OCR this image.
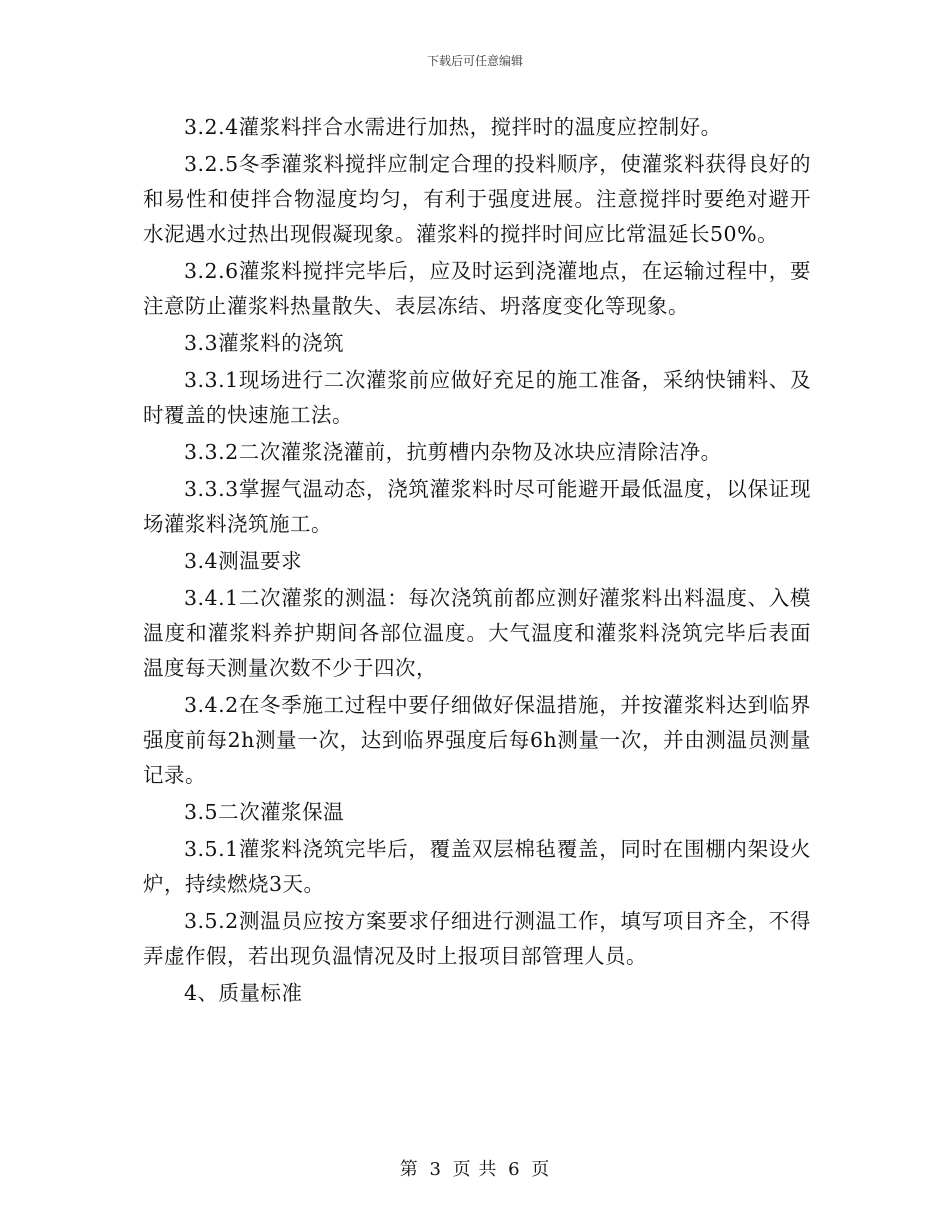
下载后可任意编辑

3.2.4灌浆料拌合水需进行加热，搅拌时的温度应控制好。

3.2.5冬季灌浆料搅拌应制定合理的投料顺序，使灌浆料获得良好的和易性和使拌合物湿度均匀，有利于强度进展。注意搅拌时要绝对避开水泥遇水过热出现假凝现象。灌浆料的搅拌时间应比常温延长50%。

3.2.6灌浆料搅拌完毕后，应及时运到浇灌地点，在运输过程中，要注意防止灌浆料热量散失、表层冻结、坍落度变化等现象。

3.3灌浆料的浇筑

3.3.1现场进行二次灌浆前应做好充足的施工准备，采纳快铺料、及时覆盖的快速施工法。

3.3.2二次灌浆浇灌前，抗剪槽内杂物及冰块应清除洁净。

3.3.3掌握气温动态，浇筑灌浆料时尽可能避开最低温度，以保证现场灌浆料浇筑施工。

3.4测温要求

3.4.1二次灌浆的测温：每次浇筑前都应测好灌浆料出料温度、入模温度和灌浆料养护期间各部位温度。大气温度和灌浆料浇筑完毕后表面温度每天测量次数不少于四次，

3.4.2在冬季施工过程中要仔细做好保温措施，并按灌浆料达到临界强度前每2h测量一次，达到临界强度后每6h测量一次，并由测温员测量记录。

3.5二次灌浆保温

3.5.1灌浆料浇筑完毕后，覆盖双层棉毡覆盖，同时在围棚内架设火炉，持续燃烧3天。

3.5.2测温员应按方案要求仔细进行测温工作，填写项目齐全，不得弄虚作假，若出现负温情况及时上报项目部管理人员。

4、质量标准

第 3 页 共 6 页
